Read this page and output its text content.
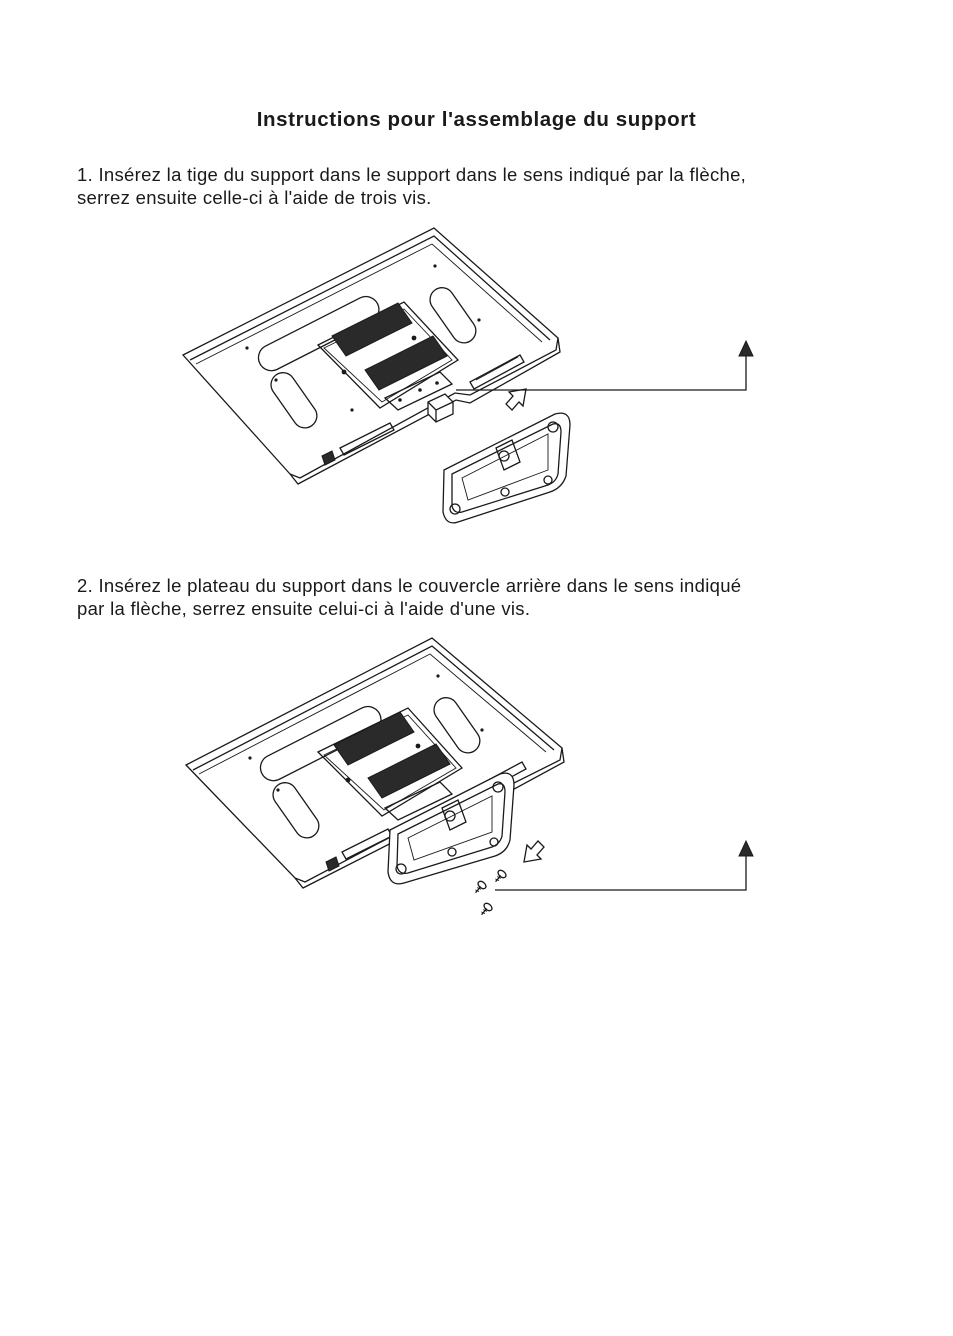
Instructions pour l'assemblage du support
1. Insérez la tige du support dans le support dans le sens indiqué par la flèche,
serrez ensuite celle-ci à l'aide de trois vis.
2. Insérez le plateau du support dans le couvercle arrière dans le sens indiqué
par la flèche, serrez ensuite celui-ci à l'aide d'une vis.
